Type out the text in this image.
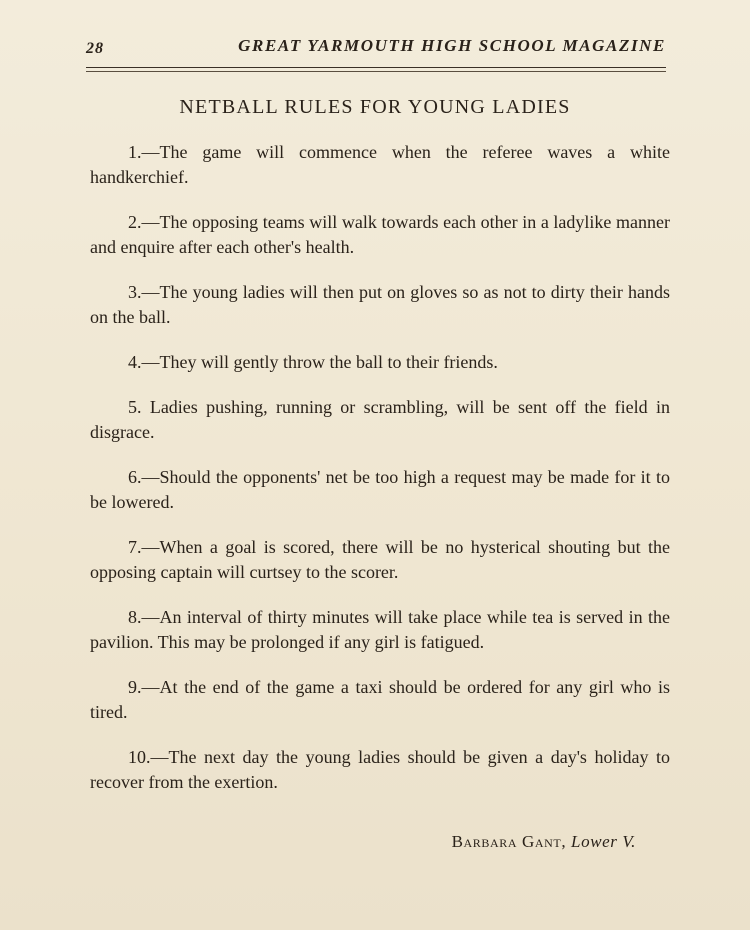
28	GREAT YARMOUTH HIGH SCHOOL MAGAZINE
NETBALL RULES FOR YOUNG LADIES

1.—The game will commence when the referee waves a white handkerchief.

2.—The opposing teams will walk towards each other in a ladylike manner and enquire after each other's health.

3.—The young ladies will then put on gloves so as not to dirty their hands on the ball.

4.—They will gently throw the ball to their friends.

5. Ladies pushing, running or scrambling, will be sent off the field in disgrace.

6.—Should the opponents' net be too high a request may be made for it to be lowered.

7.—When a goal is scored, there will be no hysterical shouting but the opposing captain will curtsey to the scorer.

8.—An interval of thirty minutes will take place while tea is served in the pavilion. This may be prolonged if any girl is fatigued.

9.—At the end of the game a taxi should be ordered for any girl who is tired.

10.—The next day the young ladies should be given a day's holiday to recover from the exertion.

Barbara Gant, Lower V.
